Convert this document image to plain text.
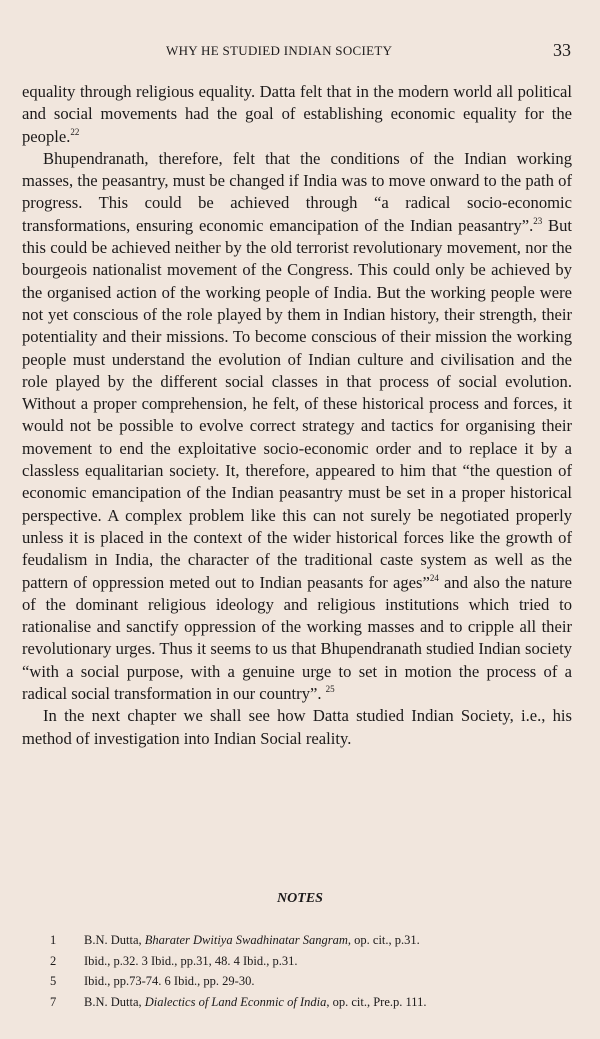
WHY HE STUDIED INDIAN SOCIETY	33

equality through religious equality. Datta felt that in the modern world all political and social movements had the goal of establishing economic equality for the people.$^{22}$

Bhupendranath, therefore, felt that the conditions of the Indian working masses, the peasantry, must be changed if India was to move onward to the path of progress. This could be achieved through “a radical socio-economic transformations, ensuring economic emancipation of the Indian peasantry”.$^{23}$ But this could be achieved neither by the old terrorist revolutionary movement, nor the bourgeois nationalist movement of the Congress. This could only be achieved by the organised action of the working people of India. But the working people were not yet conscious of the role played by them in Indian history, their strength, their potentiality and their missions. To become conscious of their mission the working people must understand the evolution of Indian culture and civilisation and the role played by the different social classes in that process of social evolution. Without a proper comprehension, he felt, of these historical process and forces, it would not be possible to evolve correct strategy and tactics for organising their movement to end the exploitative socio-economic order and to replace it by a classless equalitarian society. It, therefore, appeared to him that “the question of economic emancipation of the Indian peasantry must be set in a proper historical perspective. A complex problem like this can not surely be negotiated properly unless it is placed in the context of the wider historical forces like the growth of feudalism in India, the character of the traditional caste system as well as the pattern of oppression meted out to Indian peasants for ages”$^{24}$ and also the nature of the dominant religious ideology and religious institutions which tried to rationalise and sanctify oppression of the working masses and to cripple all their revolutionary urges. Thus it seems to us that Bhupendranath studied Indian society “with a social purpose, with a genuine urge to set in motion the process of a radical social transformation in our country”. $^{25}$

In the next chapter we shall see how Datta studied Indian Society, i.e., his method of investigation into Indian Social reality.

NOTES
1	B.N. Dutta, Bharater Dwitiya Swadhinatar Sangram, op. cit., p.31.
2	Ibid., p.32. 3 Ibid., pp.31, 48. 4 Ibid., p.31.
5	Ibid., pp.73-74. 6 Ibid., pp. 29-30.
7	B.N. Dutta, Dialectics of Land Econmic of India, op. cit., Pre.p. 111.
